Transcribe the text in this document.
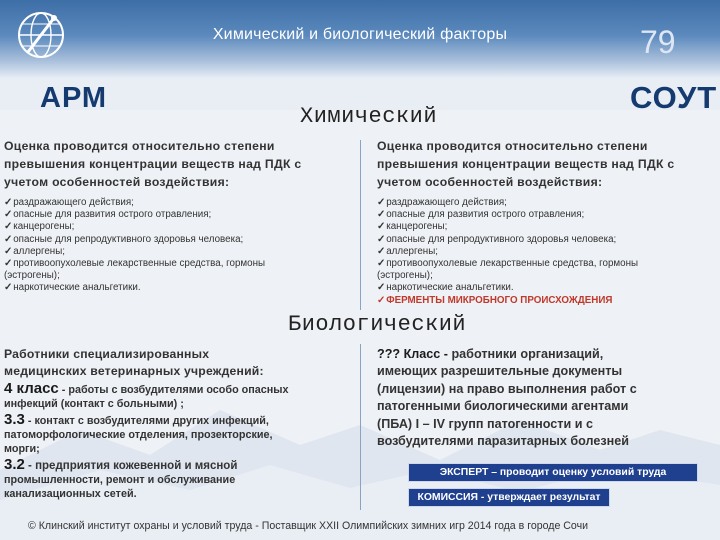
Химический и биологический факторы	79
АРМ	СОУТ
Химический
Оценка проводится относительно степени
превышения концентрации веществ над ПДК с
учетом особенностей воздействия:
✓раздражающего действия;
✓опасные для развития острого отравления;
✓канцерогены;
✓опасные для репродуктивного здоровья человека;
✓аллергены;
✓противоопухолевые лекарственные средства, гормоны
(эстрогены);
✓наркотические анальгетики.
Оценка проводится относительно степени
превышения концентрации веществ над ПДК с
учетом особенностей воздействия:
✓раздражающего действия;
✓опасные для развития острого отравления;
✓канцерогены;
✓опасные для репродуктивного здоровья человека;
✓аллергены;
✓противоопухолевые лекарственные средства, гормоны
(эстрогены);
✓наркотические анальгетики.
✓ФЕРМЕНТЫ МИКРОБНОГО ПРОИСХОЖДЕНИЯ
Биологический
Работники специализированных
медицинских ветеринарных учреждений:
4 класс - работы с возбудителями особо опасных
инфекций (контакт с больными) ;
3.3 - контакт с возбудителями других инфекций,
патоморфологические отделения, прозекторские,
морги;
3.2 - предприятия кожевенной и мясной
промышленности, ремонт и обслуживание
канализационных сетей.
??? Класс - работники организаций,
имеющих разрешительные документы
(лицензии) на право выполнения работ с
патогенными биологическими агентами
(ПБА) I – IV групп патогенности и с
возбудителями паразитарных болезней
ЭКСПЕРТ – проводит оценку условий труда
КОМИССИЯ - утверждает результат
© Клинский институт охраны и условий труда - Поставщик XXII Олимпийских зимних игр 2014 года в городе Сочи
